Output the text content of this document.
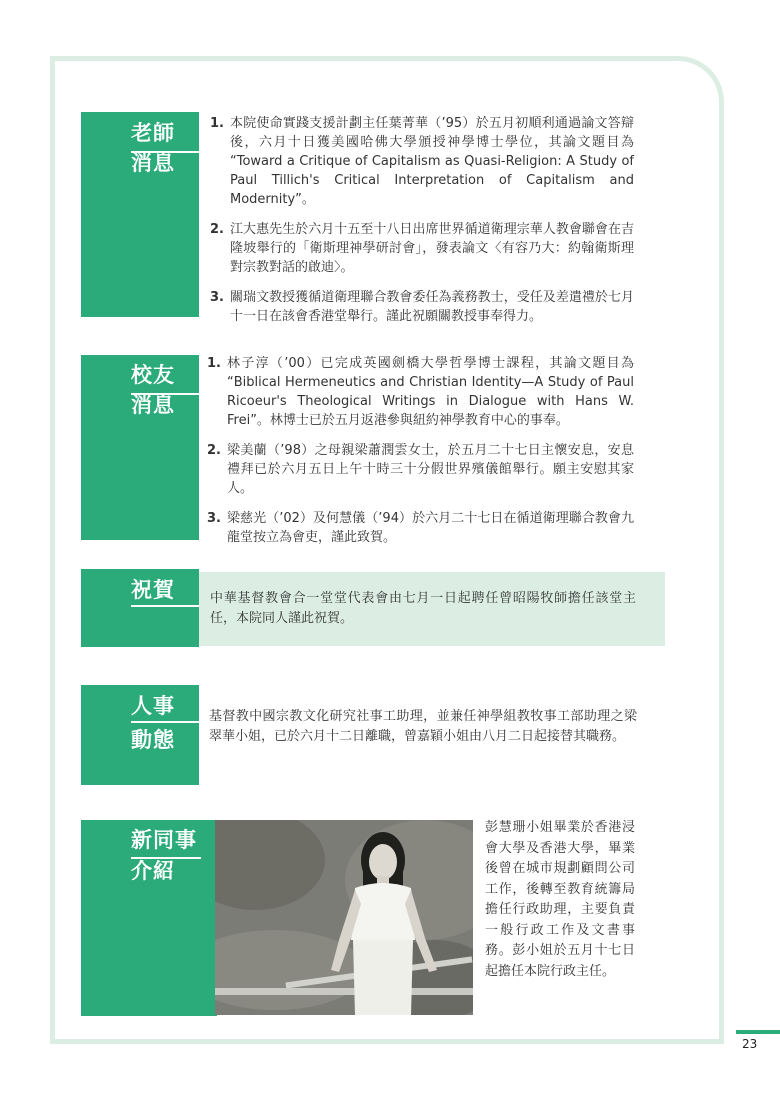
老師
消息
1. 本院使命實踐支援計劃主任葉菁華（’95）於五月初順利通過論文答辯後，六月十日獲美國哈佛大學頒授神學博士學位，其論文題目為 “Toward a Critique of Capitalism as Quasi-Religion: A Study of Paul Tillich's Critical Interpretation of Capitalism and Modernity”。
2. 江大惠先生於六月十五至十八日出席世界循道衛理宗華人教會聯會在吉隆坡舉行的「衛斯理神學研討會」，發表論文〈有容乃大：約翰衛斯理對宗教對話的啟迪〉。
3. 關瑞文教授獲循道衛理聯合教會委任為義務教士，受任及差遣禮於七月十一日在該會香港堂舉行。謹此祝願關教授事奉得力。
校友
消息
1. 林子淳（’00）已完成英國劍橋大學哲學博士課程，其論文題目為 “Biblical Hermeneutics and Christian Identity—A Study of Paul Ricoeur's Theological Writings in Dialogue with Hans W. Frei”。林博士已於五月返港參與紐約神學教育中心的事奉。
2. 梁美蘭（’98）之母親梁蕭潤雲女士，於五月二十七日主懷安息，安息禮拜已於六月五日上午十時三十分假世界殯儀館舉行。願主安慰其家人。
3. 梁慈光（’02）及何慧儀（’94）於六月二十七日在循道衛理聯合教會九龍堂按立為會吏，謹此致賀。
祝賀	中華基督教會合一堂堂代表會由七月一日起聘任曾昭陽牧師擔任該堂主任，本院同人謹此祝賀。
人事
動態
基督教中國宗教文化研究社事工助理，並兼任神學組教牧事工部助理之梁翠華小姐，已於六月十二日離職，曾嘉穎小姐由八月二日起接替其職務。
新同事
介紹
彭慧珊小姐畢業於香港浸會大學及香港大學，畢業後曾在城市規劃顧問公司工作，後轉至教育統籌局擔任行政助理，主要負責一般行政工作及文書事務。彭小姐於五月十七日起擔任本院行政主任。
23
